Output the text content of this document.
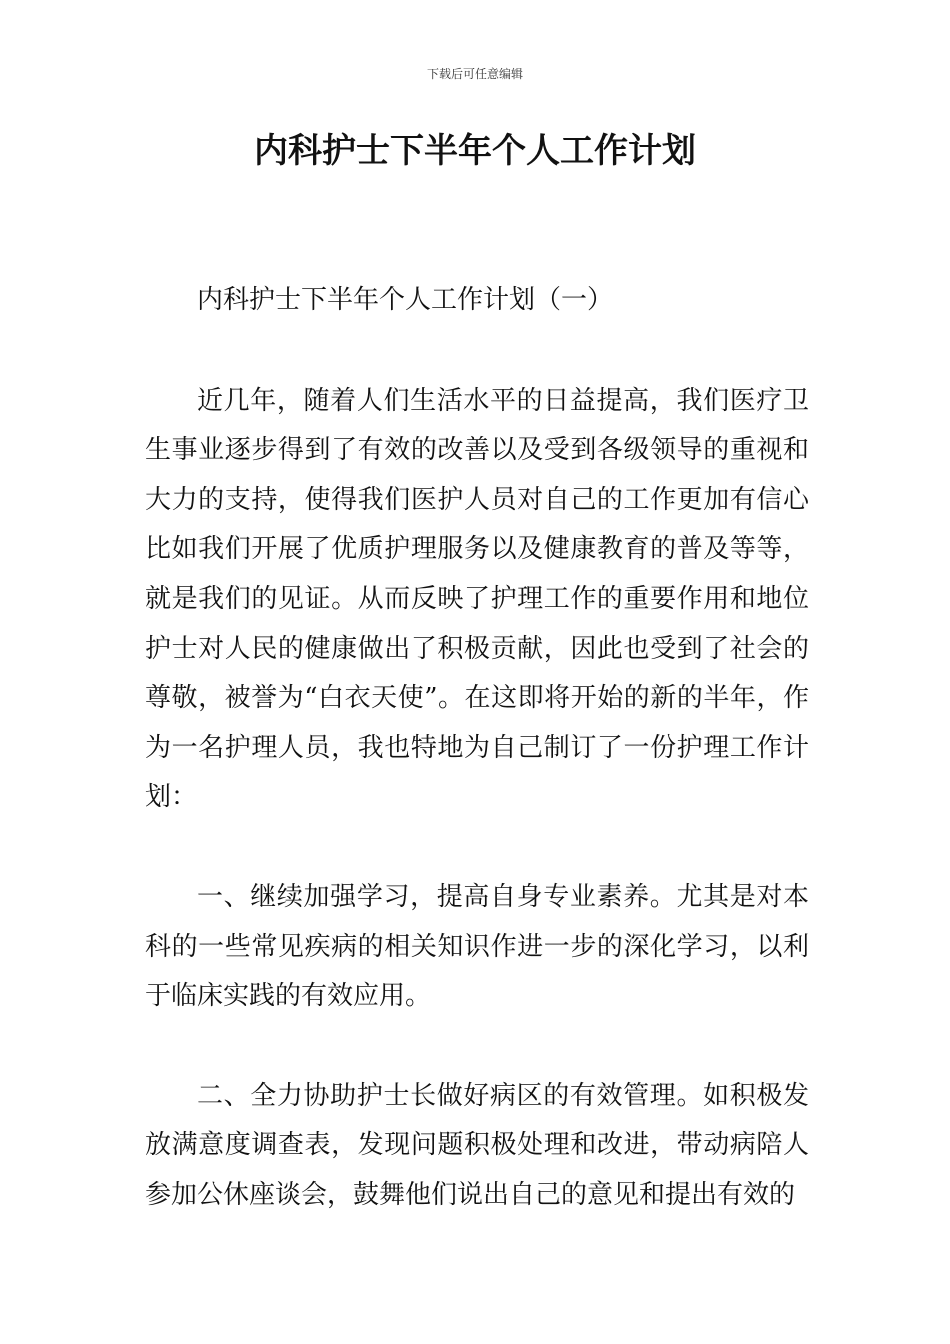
下载后可任意编辑
内科护士下半年个人工作计划

内科护士下半年个人工作计划（一）

近几年，随着人们生活水平的日益提高，我们医疗卫生事业逐步得到了有效的改善以及受到各级领导的重视和大力的支持，使得我们医护人员对自己的工作更加有信心比如我们开展了优质护理服务以及健康教育的普及等等，就是我们的见证。从而反映了护理工作的重要作用和地位护士对人民的健康做出了积极贡献，因此也受到了社会的尊敬，被誉为“白衣天使”。在这即将开始的新的半年，作为一名护理人员，我也特地为自己制订了一份护理工作计划：

一、继续加强学习，提高自身专业素养。尤其是对本科的一些常见疾病的相关知识作进一步的深化学习，以利于临床实践的有效应用。

二、全力协助护士长做好病区的有效管理。如积极发放满意度调查表，发现问题积极处理和改进，带动病陪人参加公休座谈会，鼓舞他们说出自己的意见和提出有效的
